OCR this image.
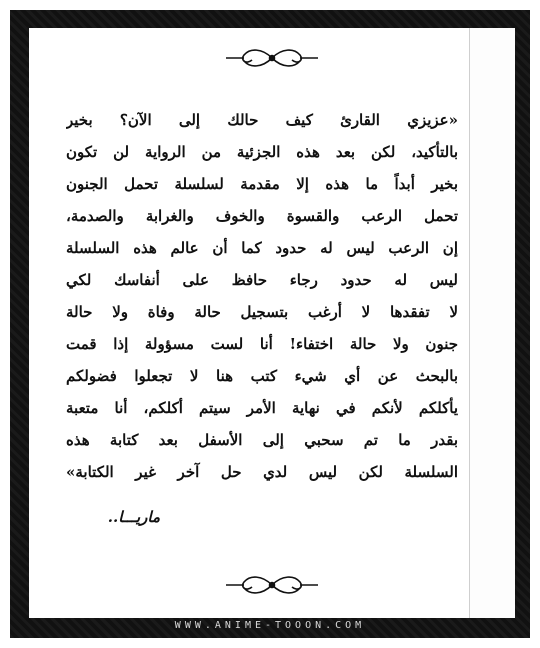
«عزيزي القارئ كيف حالك إلى الآن؟ بخير
بالتأكيد، لكن بعد هذه الجزئية من الرواية لن تكون
بخير أبداً ما هذه إلا مقدمة لسلسلة تحمل الجنون
تحمل الرعب والقسوة والخوف والغرابة والصدمة،
إن الرعب ليس له حدود كما أن عالم هذه السلسلة
ليس له حدود رجاء حافظ على أنفاسك لكي
لا تفقدها لا أرغب بتسجيل حالة وفاة ولا حالة
جنون ولا حالة اختفاء! أنا لست مسؤولة إذا قمت
بالبحث عن أي شيء كتب هنا لا تجعلوا فضولكم
يأكلكم لأنكم في نهاية الأمر سيتم أكلكم، أنا متعبة
بقدر ما تم سحبي إلى الأسفل بعد كتابة هذه
السلسلة لكن ليس لدي حل آخر غير الكتابة»
ماريـــا..
WWW.ANIME-TOOON.COM
